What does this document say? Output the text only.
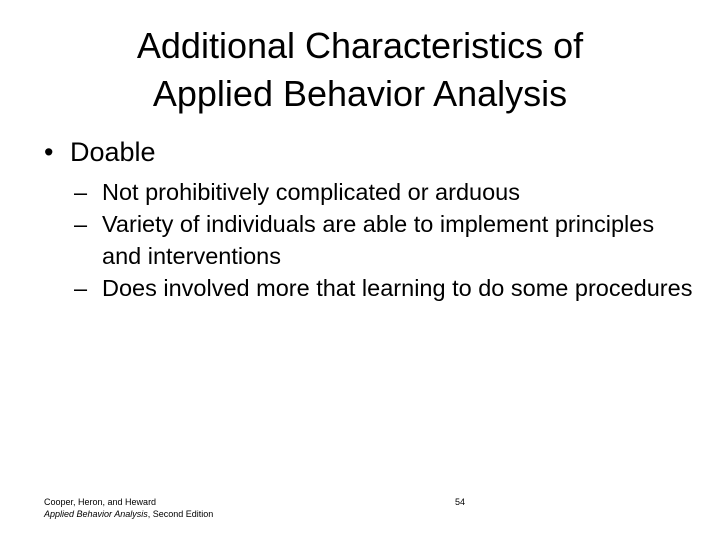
Additional Characteristics of
Applied Behavior Analysis
• Doable

– Not prohibitively complicated or arduous

– Variety of individuals are able to implement principles and interventions

– Does involved more that learning to do some procedures

Cooper, Heron, and Heward
Applied Behavior Analysis, Second Edition
54
